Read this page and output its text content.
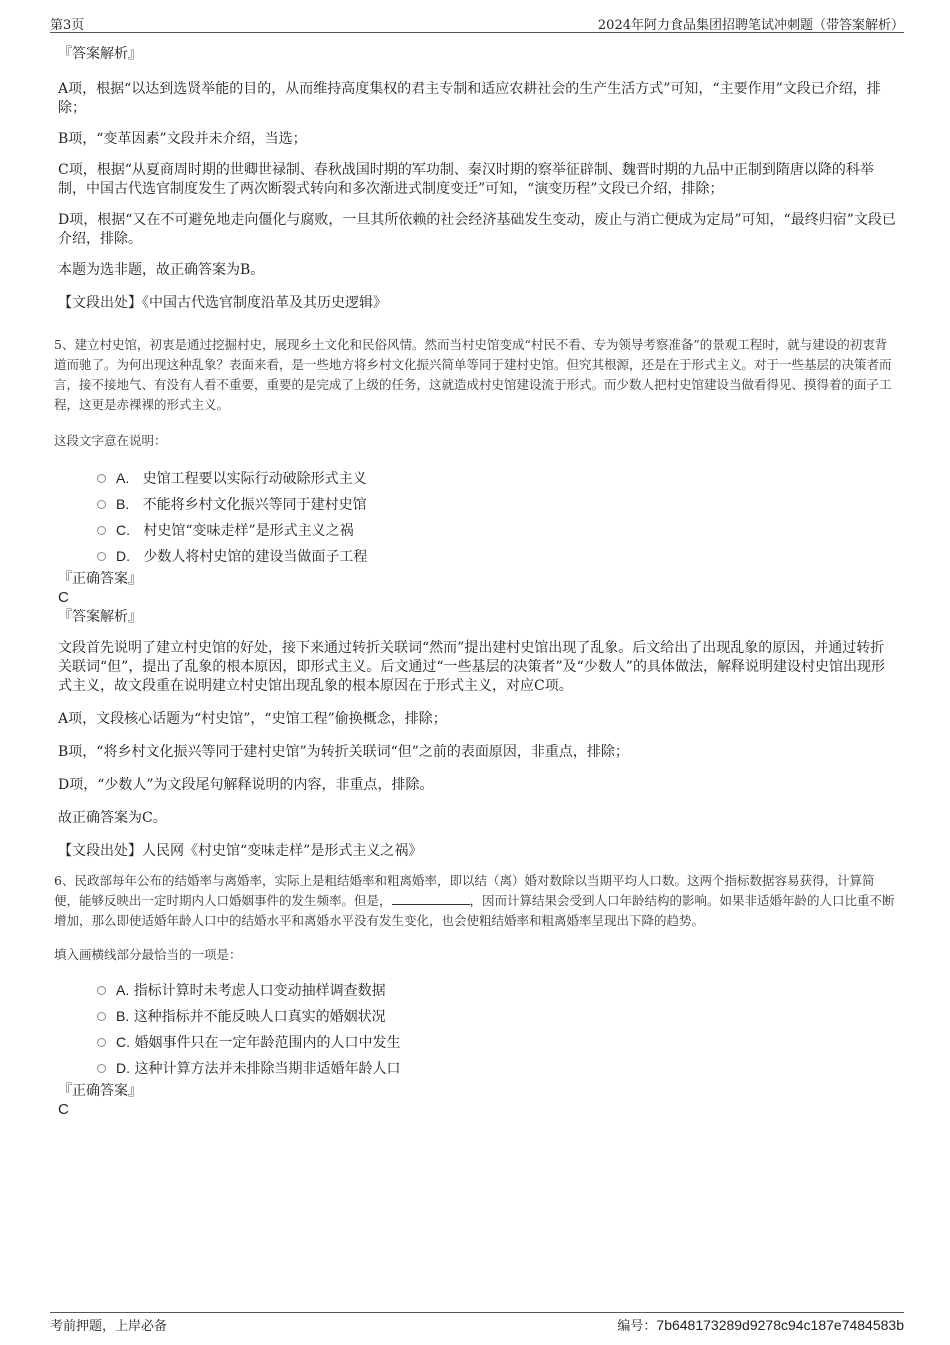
第3页	2024年阿力食品集团招聘笔试冲刺题（带答案解析）
『答案解析』

A项，根据“以达到选贤举能的目的，从而维持高度集权的君主专制和适应农耕社会的生产生活方式”可知，“主要作用”文段已介绍，排除；

B项，“变革因素”文段并未介绍，当选；

C项，根据“从夏商周时期的世卿世禄制、春秋战国时期的军功制、秦汉时期的察举征辟制、魏晋时期的九品中正制到隋唐以降的科举制，中国古代选官制度发生了两次断裂式转向和多次渐进式制度变迁”可知，“演变历程”文段已介绍，排除；

D项，根据“又在不可避免地走向僵化与腐败，一旦其所依赖的社会经济基础发生变动，废止与消亡便成为定局”可知，“最终归宿”文段已介绍，排除。

本题为选非题，故正确答案为B。

【文段出处】《中国古代选官制度沿革及其历史逻辑》

5、建立村史馆，初衷是通过挖掘村史，展现乡土文化和民俗风情。然而当村史馆变成“村民不看、专为领导考察准备”的景观工程时，就与建设的初衷背道而驰了。为何出现这种乱象？表面来看，是一些地方将乡村文化振兴简单等同于建村史馆。但究其根源，还是在于形式主义。对于一些基层的决策者而言，接不接地气、有没有人看不重要，重要的是完成了上级的任务，这就造成村史馆建设流于形式。而少数人把村史馆建设当做看得见、摸得着的面子工程，这更是赤裸裸的形式主义。

这段文字意在说明：
A. 史馆工程要以实际行动破除形式主义
B. 不能将乡村文化振兴等同于建村史馆
C. 村史馆“变味走样”是形式主义之祸
D. 少数人将村史馆的建设当做面子工程
『正确答案』
C
『答案解析』

文段首先说明了建立村史馆的好处，接下来通过转折关联词“然而”提出建村史馆出现了乱象。后文给出了出现乱象的原因，并通过转折关联词“但”，提出了乱象的根本原因，即形式主义。后文通过“一些基层的决策者”及“少数人”的具体做法，解释说明建设村史馆出现形式主义，故文段重在说明建立村史馆出现乱象的根本原因在于形式主义，对应C项。

A项，文段核心话题为“村史馆”，“史馆工程”偷换概念，排除；

B项，“将乡村文化振兴等同于建村史馆”为转折关联词“但”之前的表面原因，非重点，排除；

D项，“少数人”为文段尾句解释说明的内容，非重点，排除。

故正确答案为C。

【文段出处】人民网《村史馆“变味走样”是形式主义之祸》

6、民政部每年公布的结婚率与离婚率，实际上是粗结婚率和粗离婚率，即以结（离）婚对数除以当期平均人口数。这两个指标数据容易获得，计算简便，能够反映出一定时期内人口婚姻事件的发生频率。但是，	，因而计算结果会受到人口年龄结构的影响。如果非适婚年龄的人口比重不断增加，那么即使适婚年龄人口中的结婚水平和离婚水平没有发生变化，也会使粗结婚率和粗离婚率呈现出下降的趋势。

填入画横线部分最恰当的一项是：
A. 指标计算时未考虑人口变动抽样调查数据
B. 这种指标并不能反映人口真实的婚姻状况
C. 婚姻事件只在一定年龄范围内的人口中发生
D. 这种计算方法并未排除当期非适婚年龄人口
『正确答案』
C
考前押题，上岸必备	编号：7b648173289d9278c94c187e7484583b
